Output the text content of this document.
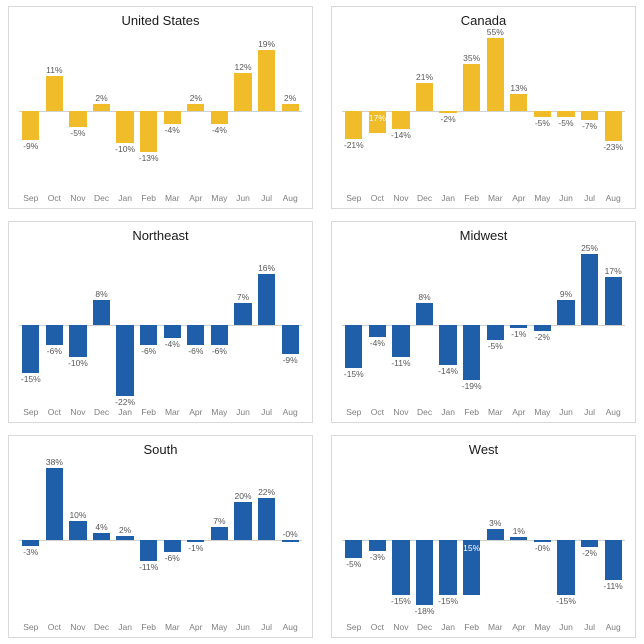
United States
-9%
11%
-5%
2%
-10%
-13%
-4%
2%
-4%
12%
19%
2%
Sep	Oct	Nov Dec	Jan	Feb	Mar	Apr	May	Jun	Jul	Aug
Canada
-21%
17%
-14%
21%
-2%
35%
55%
13%
-5% -5% -7%
-23%
Sep	Oct	Nov Dec	Jan	Feb	Mar	Apr	May	Jun	Jul	Aug
Northeast
-15%
-6%
-10%
8%
-22%
-6%
-4%
-6% -6%
7%
16%
-9%
Sep	Oct	Nov Dec	Jan	Feb	Mar	Apr	May	Jun	Jul	Aug
Midwest
-15%
-4%
-11%
8%
-14%
-19%
-5%
-1% -2%
9%
25%
17%
Sep	Oct	Nov Dec	Jan	Feb	Mar	Apr	May	Jun	Jul	Aug
South
-3%
38%
10%
4%	2%
-11%
-6%
-1%
7%
20% 22%
-0%
Sep	Oct	Nov Dec	Jan	Feb	Mar	Apr	May	Jun	Jul	Aug
West
-5%
-3%
-15%
-18%
-15%
15%
3%
1%
-0%
-15%
-2%
-11%
Sep	Oct	Nov Dec	Jan	Feb	Mar	Apr	May	Jun	Jul	Aug
